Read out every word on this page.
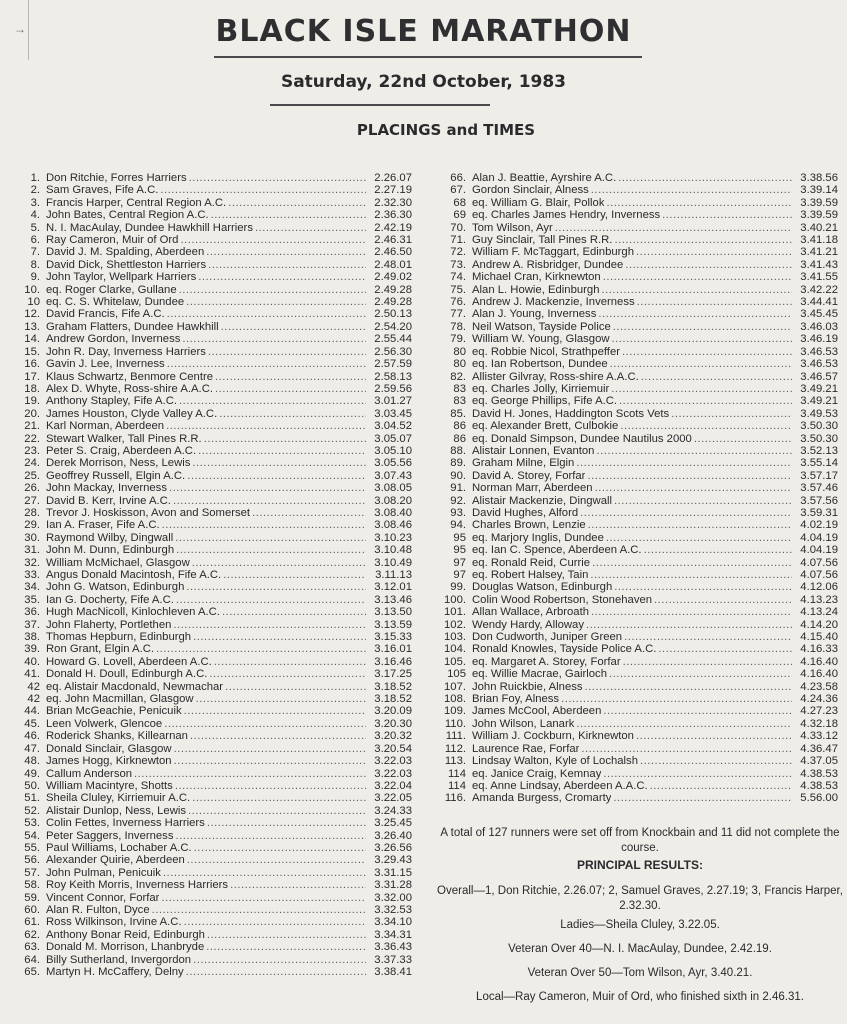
→	BLACK ISLE MARATHON
Saturday, 22nd October, 1983
PLACINGS and TIMES
1. Don Ritchie, Forres Harriers .....	2.26.07
2. Sam Graves, Fife A.C. .....	2.27.19
3. Francis Harper, Central Region A.C. .....	2.32.30
4. John Bates, Central Region A.C. .....	2.36.30
5. N. I. MacAulay, Dundee Hawkhill Harriers .....	2.42.19
6. Ray Cameron, Muir of Ord .....	2.46.31
7. David J. M. Spalding, Aberdeen .....	2.46.50
8. David Dick, Shettleston Harriers .....	2.48.01
9. John Taylor, Wellpark Harriers .....	2.49.02
10. eq. Roger Clarke, Gullane .....	2.49.28
10 eq. C. S. Whitelaw, Dundee .....	2.49.28
12. David Francis, Fife A.C. .....	2.50.13
13. Graham Flatters, Dundee Hawkhill .....	2.54.20
14. Andrew Gordon, Inverness .....	2.55.44
15. John R. Day, Inverness Harriers .....	2.56.30
16. Gavin J. Lee, Inverness .....	2.57.59
17. Klaus Schwartz, Benmore Centre .....	2.58.13
18. Alex D. Whyte, Ross-shire A.A.C. .....	2.59.56
19. Anthony Stapley, Fife A.C. .....	3.01.27
20. James Houston, Clyde Valley A.C. .....	3.03.45
21. Karl Norman, Aberdeen .....	3.04.52
22. Stewart Walker, Tall Pines R.R. .....	3.05.07
23. Peter S. Craig, Aberdeen A.C. .....	3.05.10
24. Derek Morrison, Ness, Lewis .....	3.05.56
25. Geoffrey Russell, Elgin A.C. .....	3.07.43
26. John Mackay, Inverness .....	3.08.05
27. David B. Kerr, Irvine A.C. .....	3.08.20
28. Trevor J. Hoskisson, Avon and Somerset .....	3.08.40
29. Ian A. Fraser, Fife A.C. .....	3.08.46
30. Raymond Wilby, Dingwall .....	3.10.23
31. John M. Dunn, Edinburgh .....	3.10.48
32. William McMichael, Glasgow .....	3.10.49
33. Angus Donald Macintosh, Fife A.C. .....	3.11.13
34. John G. Watson, Edinburgh .....	3.12.01
35. Ian G. Docherty, Fife A.C. .....	3.13.46
36. Hugh MacNicoll, Kinlochleven A.C. .....	3.13.50
37. John Flaherty, Portlethen .....	3.13.59
38. Thomas Hepburn, Edinburgh .....	3.15.33
39. Ron Grant, Elgin A.C. .....	3.16.01
40. Howard G. Lovell, Aberdeen A.C. .....	3.16.46
41. Donald H. Doull, Edinburgh A.C. .....	3.17.25
42 eq. Alistair Macdonald, Newmachar .....	3.18.52
42 eq. John Macmillan, Glasgow .....	3.18.52
44. Brian McGeachie, Penicuik .....	3.20.09
45. Leen Volwerk, Glencoe .....	3.20.30
46. Roderick Shanks, Killearnan .....	3.20.32
47. Donald Sinclair, Glasgow .....	3.20.54
48. James Hogg, Kirknewton .....	3.22.03
49. Callum Anderson .....	3.22.03
50. William Macintyre, Shotts .....	3.22.04
51. Sheila Cluley, Kirriemuir A.C. .....	3.22.05
52. Alistair Dunlop, Ness, Lewis .....	3.24.33
53. Colin Fettes, Inverness Harriers .....	3.25.45
54. Peter Saggers, Inverness .....	3.26.40
55. Paul Williams, Lochaber A.C. .....	3.26.56
56. Alexander Quirie, Aberdeen .....	3.29.43
57. John Pulman, Penicuik .....	3.31.15
58. Roy Keith Morris, Inverness Harriers .....	3.31.28
59. Vincent Connor, Forfar .....	3.32.00
60. Alan R. Fulton, Dyce .....	3.32.53
61. Ross Wilkinson, Irvine A.C. .....	3.34.10
62. Anthony Bonar Reid, Edinburgh .....	3.34.31
63. Donald M. Morrison, Lhanbryde .....	3.36.43
64. Billy Sutherland, Invergordon .....	3.37.33
65. Martyn H. McCaffery, Delny .....	3.38.41
66. Alan J. Beattie, Ayrshire A.C. .....	3.38.56
67. Gordon Sinclair, Alness .....	3.39.14
68 eq. William G. Blair, Pollok .....	3.39.59
69 eq. Charles James Hendry, Inverness .....	3.39.59
70. Tom Wilson, Ayr .....	3.40.21
71. Guy Sinclair, Tall Pines R.R. .....	3.41.18
72. William F. McTaggart, Edinburgh .....	3.41.21
73. Andrew A. Risbridger, Dundee .....	3.41.43
74. Michael Cran, Kirknewton .....	3.41.55
75. Alan L. Howie, Edinburgh .....	3.42.22
76. Andrew J. Mackenzie, Inverness .....	3.44.41
77. Alan J. Young, Inverness .....	3.45.45
78. Neil Watson, Tayside Police .....	3.46.03
79. William W. Young, Glasgow .....	3.46.19
80 eq. Robbie Nicol, Strathpeffer .....	3.46.53
80 eq. Ian Robertson, Dundee .....	3.46.53
82. Allister Gilvray, Ross-shire A.A.C. .....	3.46.57
83 eq. Charles Jolly, Kirriemuir .....	3.49.21
83 eq. George Phillips, Fife A.C. .....	3.49.21
85. David H. Jones, Haddington Scots Vets .....	3.49.53
86 eq. Alexander Brett, Culbokie .....	3.50.30
86 eq. Donald Simpson, Dundee Nautilus 2000 .....	3.50.30
88. Alistair Lonnen, Evanton .....	3.52.13
89. Graham Milne, Elgin .....	3.55.14
90. David A. Storey, Forfar .....	3.57.17
91. Norman Marr, Aberdeen .....	3.57.46
92. Alistair Mackenzie, Dingwall .....	3.57.56
93. David Hughes, Alford .....	3.59.31
94. Charles Brown, Lenzie .....	4.02.19
95 eq. Marjory Inglis, Dundee .....	4.04.19
95 eq. Ian C. Spence, Aberdeen A.C. .....	4.04.19
97 eq. Ronald Reid, Currie .....	4.07.56
97 eq. Robert Halsey, Tain .....	4.07.56
99. Douglas Watson, Edinburgh .....	4.12.06
100. Colin Wood Robertson, Stonehaven .....	4.13.23
101. Allan Wallace, Arbroath .....	4.13.24
102. Wendy Hardy, Alloway .....	4.14.20
103. Don Cudworth, Juniper Green .....	4.15.40
104. Ronald Knowles, Tayside Police A.C. .....	4.16.33
105. eq. Margaret A. Storey, Forfar .....	4.16.40
105 eq. Willie Macrae, Gairloch .....	4.16.40
107. John Ruickbie, Alness .....	4.23.58
108. Brian Foy, Alness .....	4.24.36
109. James McCool, Aberdeen .....	4.27.23
110. John Wilson, Lanark .....	4.32.18
111. William J. Cockburn, Kirknewton .....	4.33.12
112. Laurence Rae, Forfar .....	4.36.47
113. Lindsay Walton, Kyle of Lochalsh .....	4.37.05
114 eq. Janice Craig, Kemnay .....	4.38.53
114 eq. Anne Lindsay, Aberdeen A.A.C. .....	4.38.53
116. Amanda Burgess, Cromarty .....	5.56.00
A total of 127 runners were set off from Knockbain and 11 did not complete the course.
PRINCIPAL RESULTS:
Overall—1, Don Ritchie, 2.26.07; 2, Samuel Graves, 2.27.19; 3, Francis Harper, 2.32.30.
Ladies—Sheila Cluley, 3.22.05.
Veteran Over 40—N. I. MacAulay, Dundee, 2.42.19.
Veteran Over 50—Tom Wilson, Ayr, 3.40.21.
Local—Ray Cameron, Muir of Ord, who finished sixth in 2.46.31.
